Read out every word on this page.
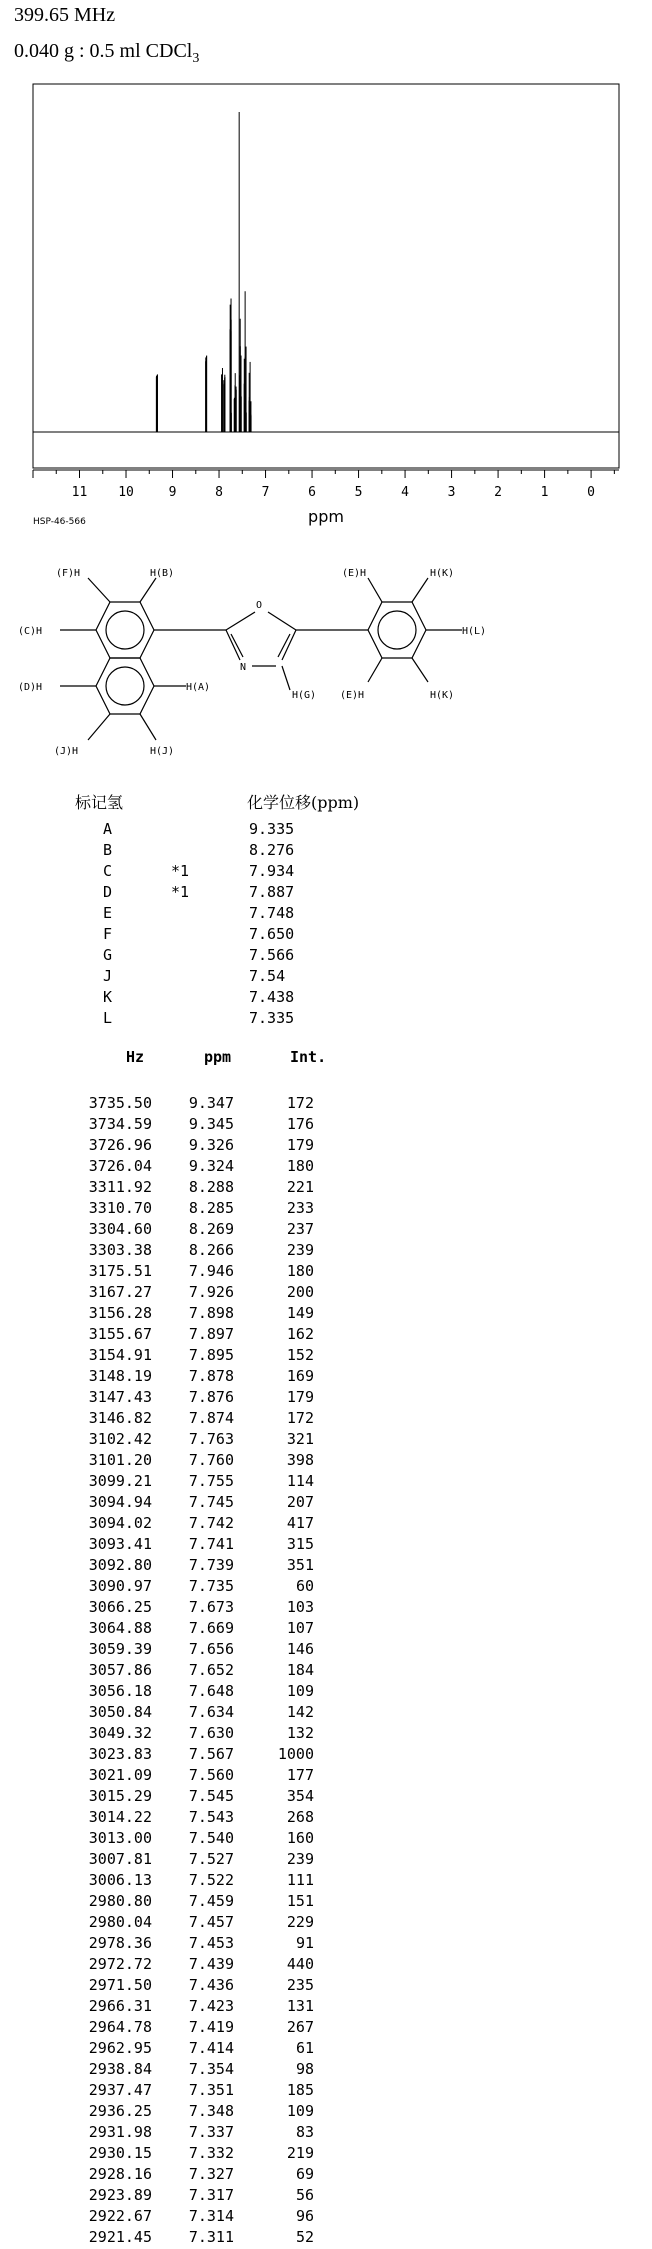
399.65 MHz
0.040 g : 0.5 ml CDCl$_3$
11 10	9	8	7	6	5	4	3	2	1	0
ppm
HSP-46-566
(F)H	H(B)
(C)H
(D)H	H(A)
(J)H	H(J)
O
N
H(G)
(E)H	H(K)
H(L)
(E)H	H(K)
标记氢	化学位移(ppm)
A	9.335
B	8.276
C	*1	7.934
D	*1	7.887
E	7.748
F	7.650
G	7.566
J	7.54
K	7.438
L	7.335
Hz	ppm	Int.
3735.50	9.347	172
3734.59	9.345	176
3726.96	9.326	179
3726.04	9.324	180
3311.92	8.288	221
3310.70	8.285	233
3304.60	8.269	237
3303.38	8.266	239
3175.51	7.946	180
3167.27	7.926	200
3156.28	7.898	149
3155.67	7.897	162
3154.91	7.895	152
3148.19	7.878	169
3147.43	7.876	179
3146.82	7.874	172
3102.42	7.763	321
3101.20	7.760	398
3099.21	7.755	114
3094.94	7.745	207
3094.02	7.742	417
3093.41	7.741	315
3092.80	7.739	351
3090.97	7.735	60
3066.25	7.673	103
3064.88	7.669	107
3059.39	7.656	146
3057.86	7.652	184
3056.18	7.648	109
3050.84	7.634	142
3049.32	7.630	132
3023.83	7.567	1000
3021.09	7.560	177
3015.29	7.545	354
3014.22	7.543	268
3013.00	7.540	160
3007.81	7.527	239
3006.13	7.522	111
2980.80	7.459	151
2980.04	7.457	229
2978.36	7.453	91
2972.72	7.439	440
2971.50	7.436	235
2966.31	7.423	131
2964.78	7.419	267
2962.95	7.414	61
2938.84	7.354	98
2937.47	7.351	185
2936.25	7.348	109
2931.98	7.337	83
2930.15	7.332	219
2928.16	7.327	69
2923.89	7.317	56
2922.67	7.314	96
2921.45	7.311	52
